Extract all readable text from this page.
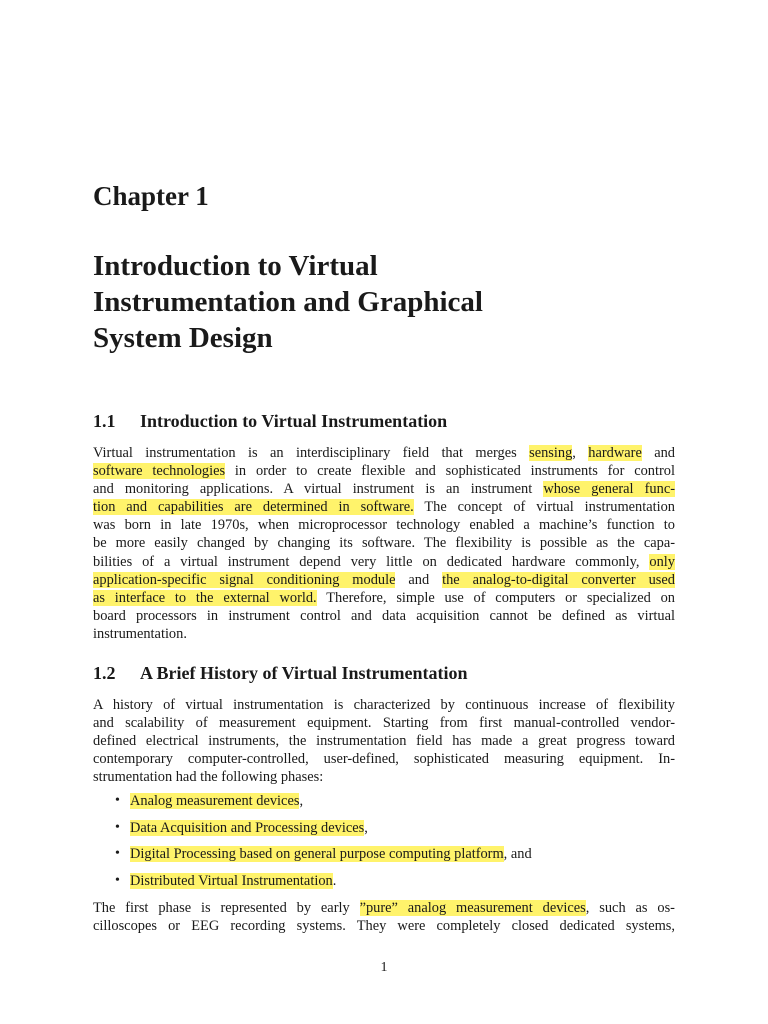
Chapter 1
Introduction to Virtual
Instrumentation and Graphical
System Design
1.1 Introduction to Virtual Instrumentation

Virtual instrumentation is an interdisciplinary field that merges sensing, hardware and
software technologies in order to create flexible and sophisticated instruments for control
and monitoring applications. A virtual instrument is an instrument whose general func-
tion and capabilities are determined in software. The concept of virtual instrumentation
was born in late 1970s, when microprocessor technology enabled a machine’s function to
be more easily changed by changing its software. The flexibility is possible as the capa-
bilities of a virtual instrument depend very little on dedicated hardware commonly, only
application-specific signal conditioning module and the analog-to-digital converter used
as interface to the external world. Therefore, simple use of computers or specialized on
board processors in instrument control and data acquisition cannot be defined as virtual
instrumentation.

1.2 A Brief History of Virtual Instrumentation

A history of virtual instrumentation is characterized by continuous increase of flexibility
and scalability of measurement equipment. Starting from first manual-controlled vendor-
defined electrical instruments, the instrumentation field has made a great progress toward
contemporary computer-controlled, user-defined, sophisticated measuring equipment. In-
strumentation had the following phases:

• Analog measurement devices,
• Data Acquisition and Processing devices,
• Digital Processing based on general purpose computing platform, and
• Distributed Virtual Instrumentation.

The first phase is represented by early ”pure” analog measurement devices, such as os-
cilloscopes or EEG recording systems. They were completely closed dedicated systems,

1
